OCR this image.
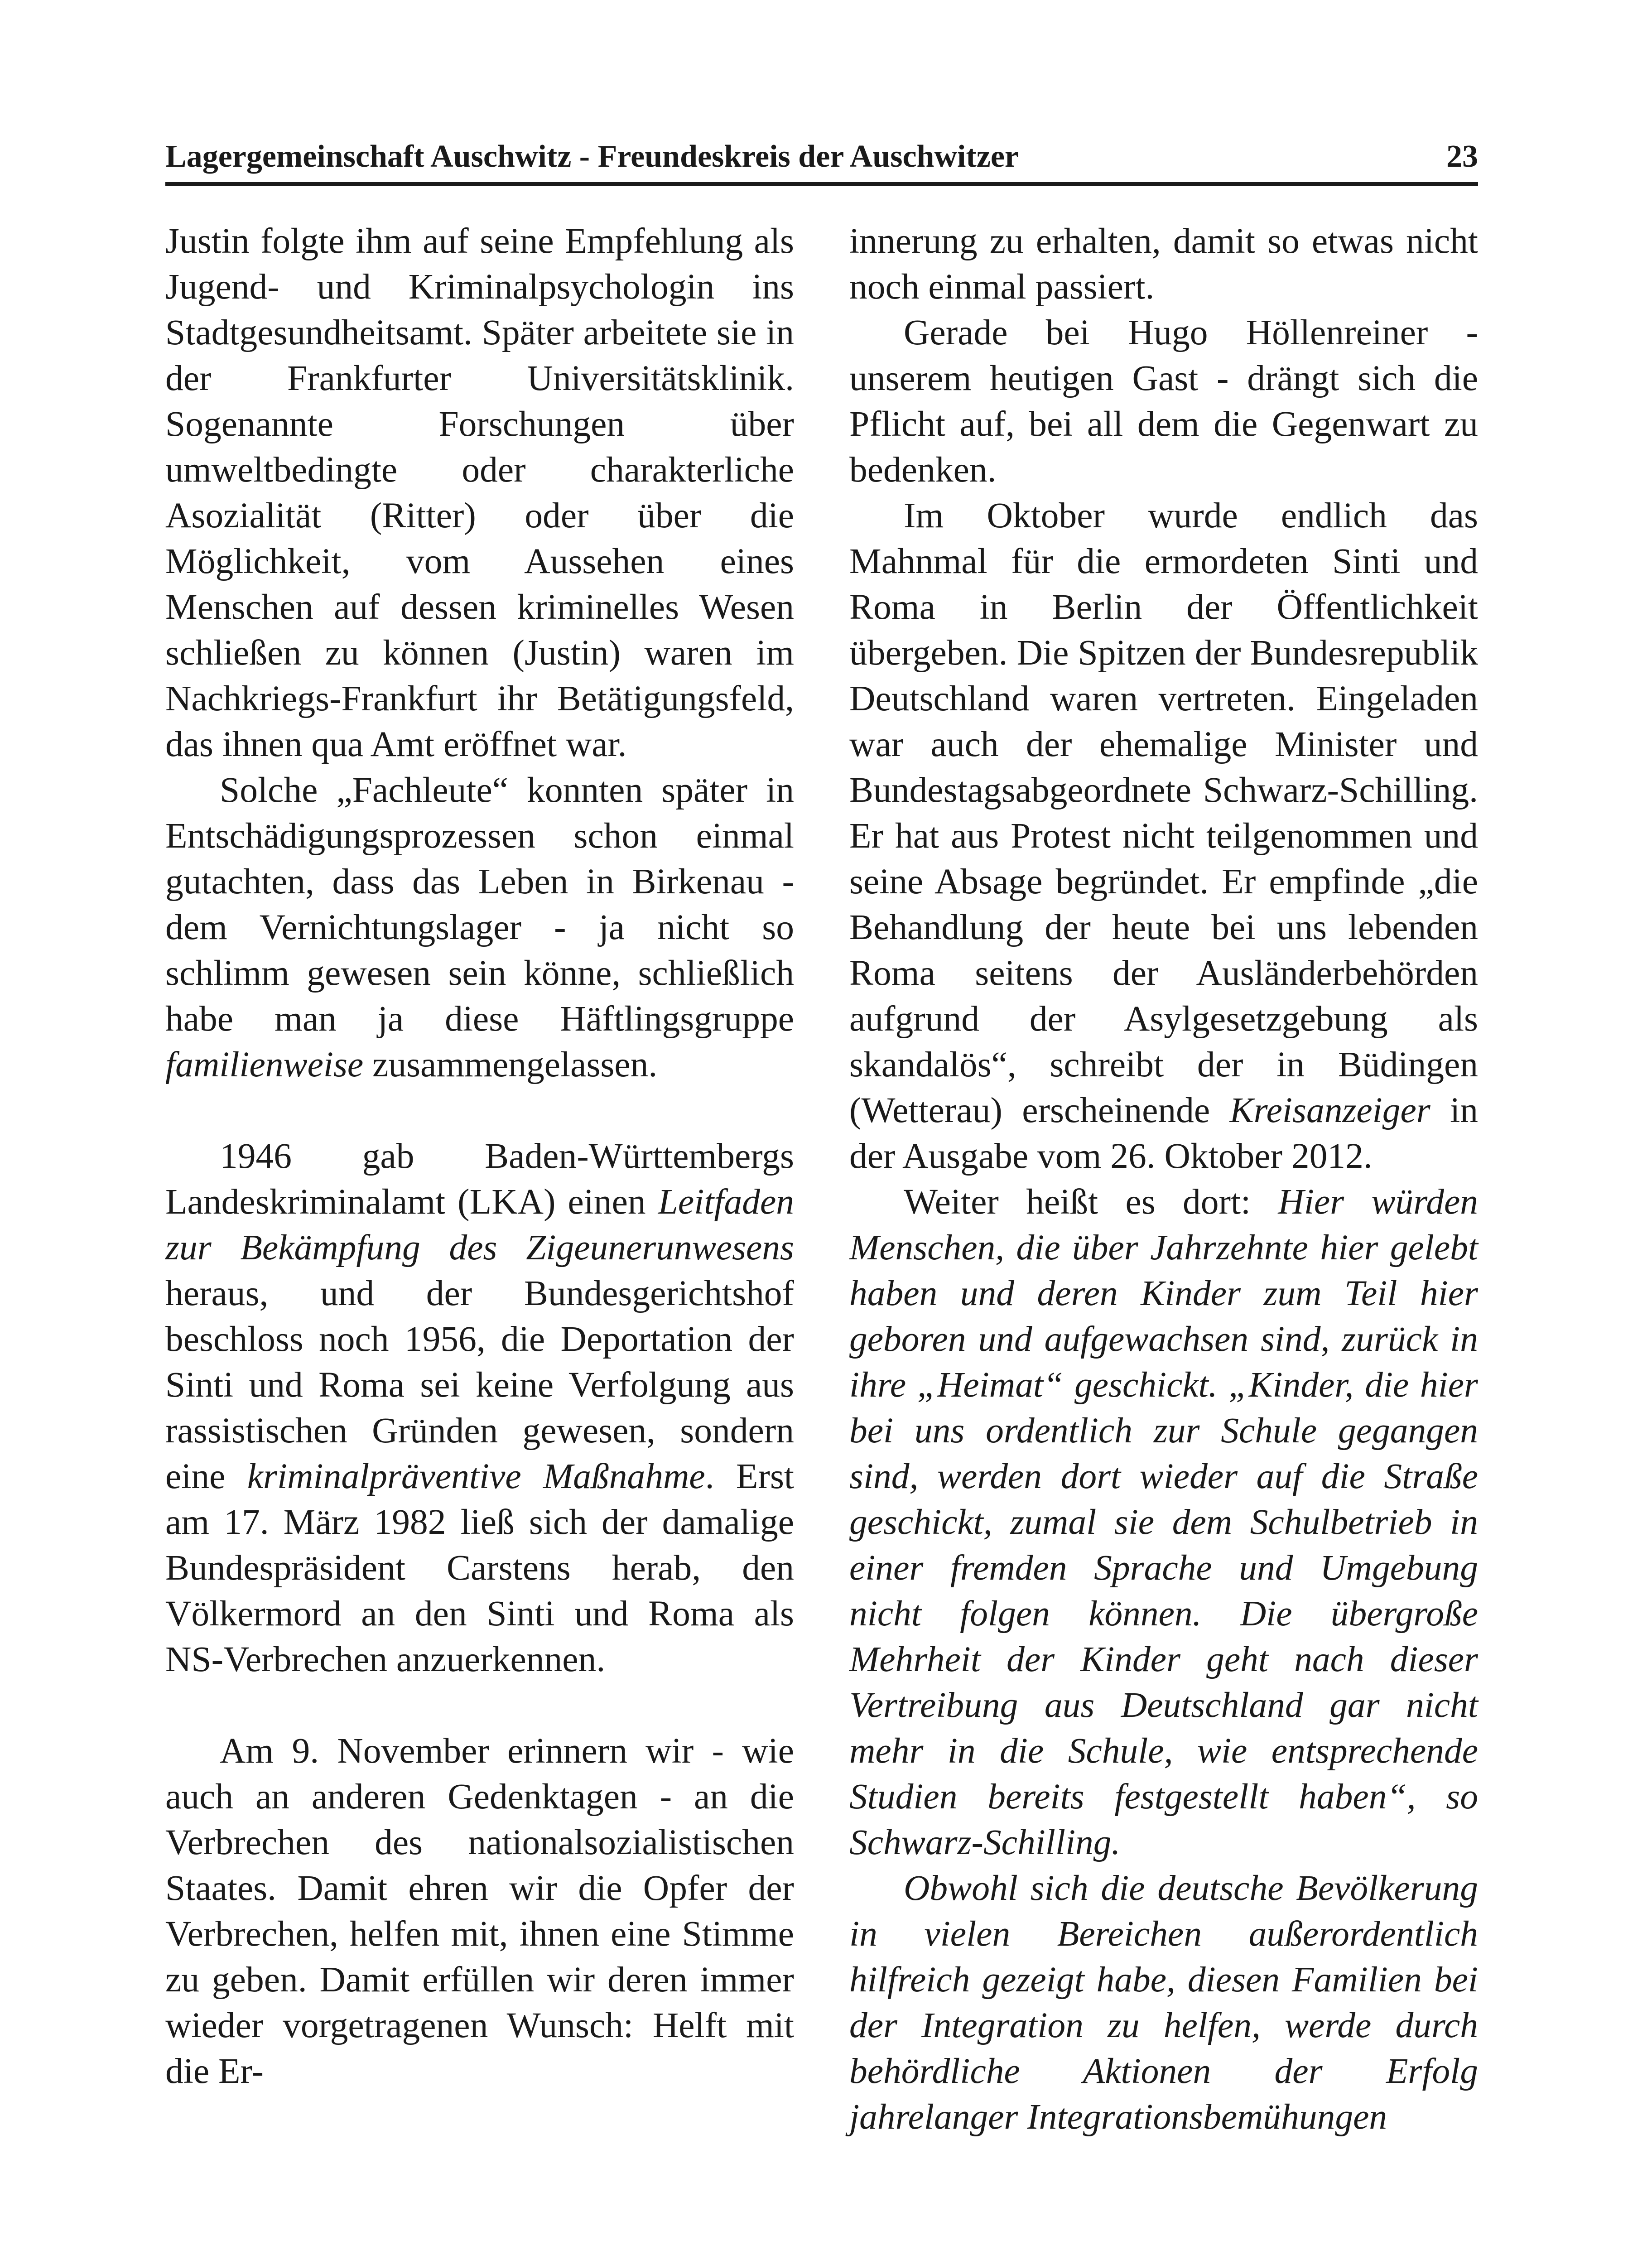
Lagergemeinschaft Auschwitz - Freundeskreis der Auschwitzer	23

Justin folgte ihm auf seine Empfehlung als Jugend- und Kriminalpsychologin ins Stadtgesundheitsamt. Später arbeitete sie in der Frankfurter Universitätsklinik. Sogenannte Forschungen über umweltbedingte oder charakterliche Asozialität (Ritter) oder über die Möglichkeit, vom Aussehen eines Menschen auf dessen kriminelles Wesen schließen zu können (Justin) waren im Nachkriegs-Frankfurt ihr Betätigungsfeld, das ihnen qua Amt eröffnet war.

Solche „Fachleute“ konnten später in Entschädigungsprozessen schon einmal gutachten, dass das Leben in Birkenau - dem Vernichtungslager - ja nicht so schlimm gewesen sein könne, schließlich habe man ja diese Häftlingsgruppe familienweise zusammengelassen.

1946 gab Baden-Württembergs Landeskriminalamt (LKA) einen Leitfaden zur Bekämpfung des Zigeunerunwesens heraus, und der Bundesgerichtshof beschloss noch 1956, die Deportation der Sinti und Roma sei keine Verfolgung aus rassistischen Gründen gewesen, sondern eine kriminalpräventive Maßnahme. Erst am 17. März 1982 ließ sich der damalige Bundespräsident Carstens herab, den Völkermord an den Sinti und Roma als NS-Verbrechen anzuerkennen.

Am 9. November erinnern wir - wie auch an anderen Gedenktagen - an die Verbrechen des nationalsozialistischen Staates. Damit ehren wir die Opfer der Verbrechen, helfen mit, ihnen eine Stimme zu geben. Damit erfüllen wir deren immer wieder vorgetragenen Wunsch: Helft mit die Er-

innerung zu erhalten, damit so etwas nicht noch einmal passiert.

Gerade bei Hugo Höllenreiner - unserem heutigen Gast - drängt sich die Pflicht auf, bei all dem die Gegenwart zu bedenken.

Im Oktober wurde endlich das Mahnmal für die ermordeten Sinti und Roma in Berlin der Öffentlichkeit übergeben. Die Spitzen der Bundesrepublik Deutschland waren vertreten. Eingeladen war auch der ehemalige Minister und Bundestagsabgeordnete Schwarz-Schilling. Er hat aus Protest nicht teilgenommen und seine Absage begründet. Er empfinde „die Behandlung der heute bei uns lebenden Roma seitens der Ausländerbehörden aufgrund der Asylgesetzgebung als skandalös“, schreibt der in Büdingen (Wetterau) erscheinende Kreisanzeiger in der Ausgabe vom 26. Oktober 2012.

Weiter heißt es dort: Hier würden Menschen, die über Jahrzehnte hier gelebt haben und deren Kinder zum Teil hier geboren und aufgewachsen sind, zurück in ihre „Heimat“ geschickt. „Kinder, die hier bei uns ordentlich zur Schule gegangen sind, werden dort wieder auf die Straße geschickt, zumal sie dem Schulbetrieb in einer fremden Sprache und Umgebung nicht folgen können. Die übergroße Mehrheit der Kinder geht nach dieser Vertreibung aus Deutschland gar nicht mehr in die Schule, wie entsprechende Studien bereits festgestellt haben“, so Schwarz-Schilling.

Obwohl sich die deutsche Bevölkerung in vielen Bereichen außerordentlich hilfreich gezeigt habe, diesen Familien bei der Integration zu helfen, werde durch behördliche Aktionen der Erfolg jahrelanger Integrationsbemühungen
